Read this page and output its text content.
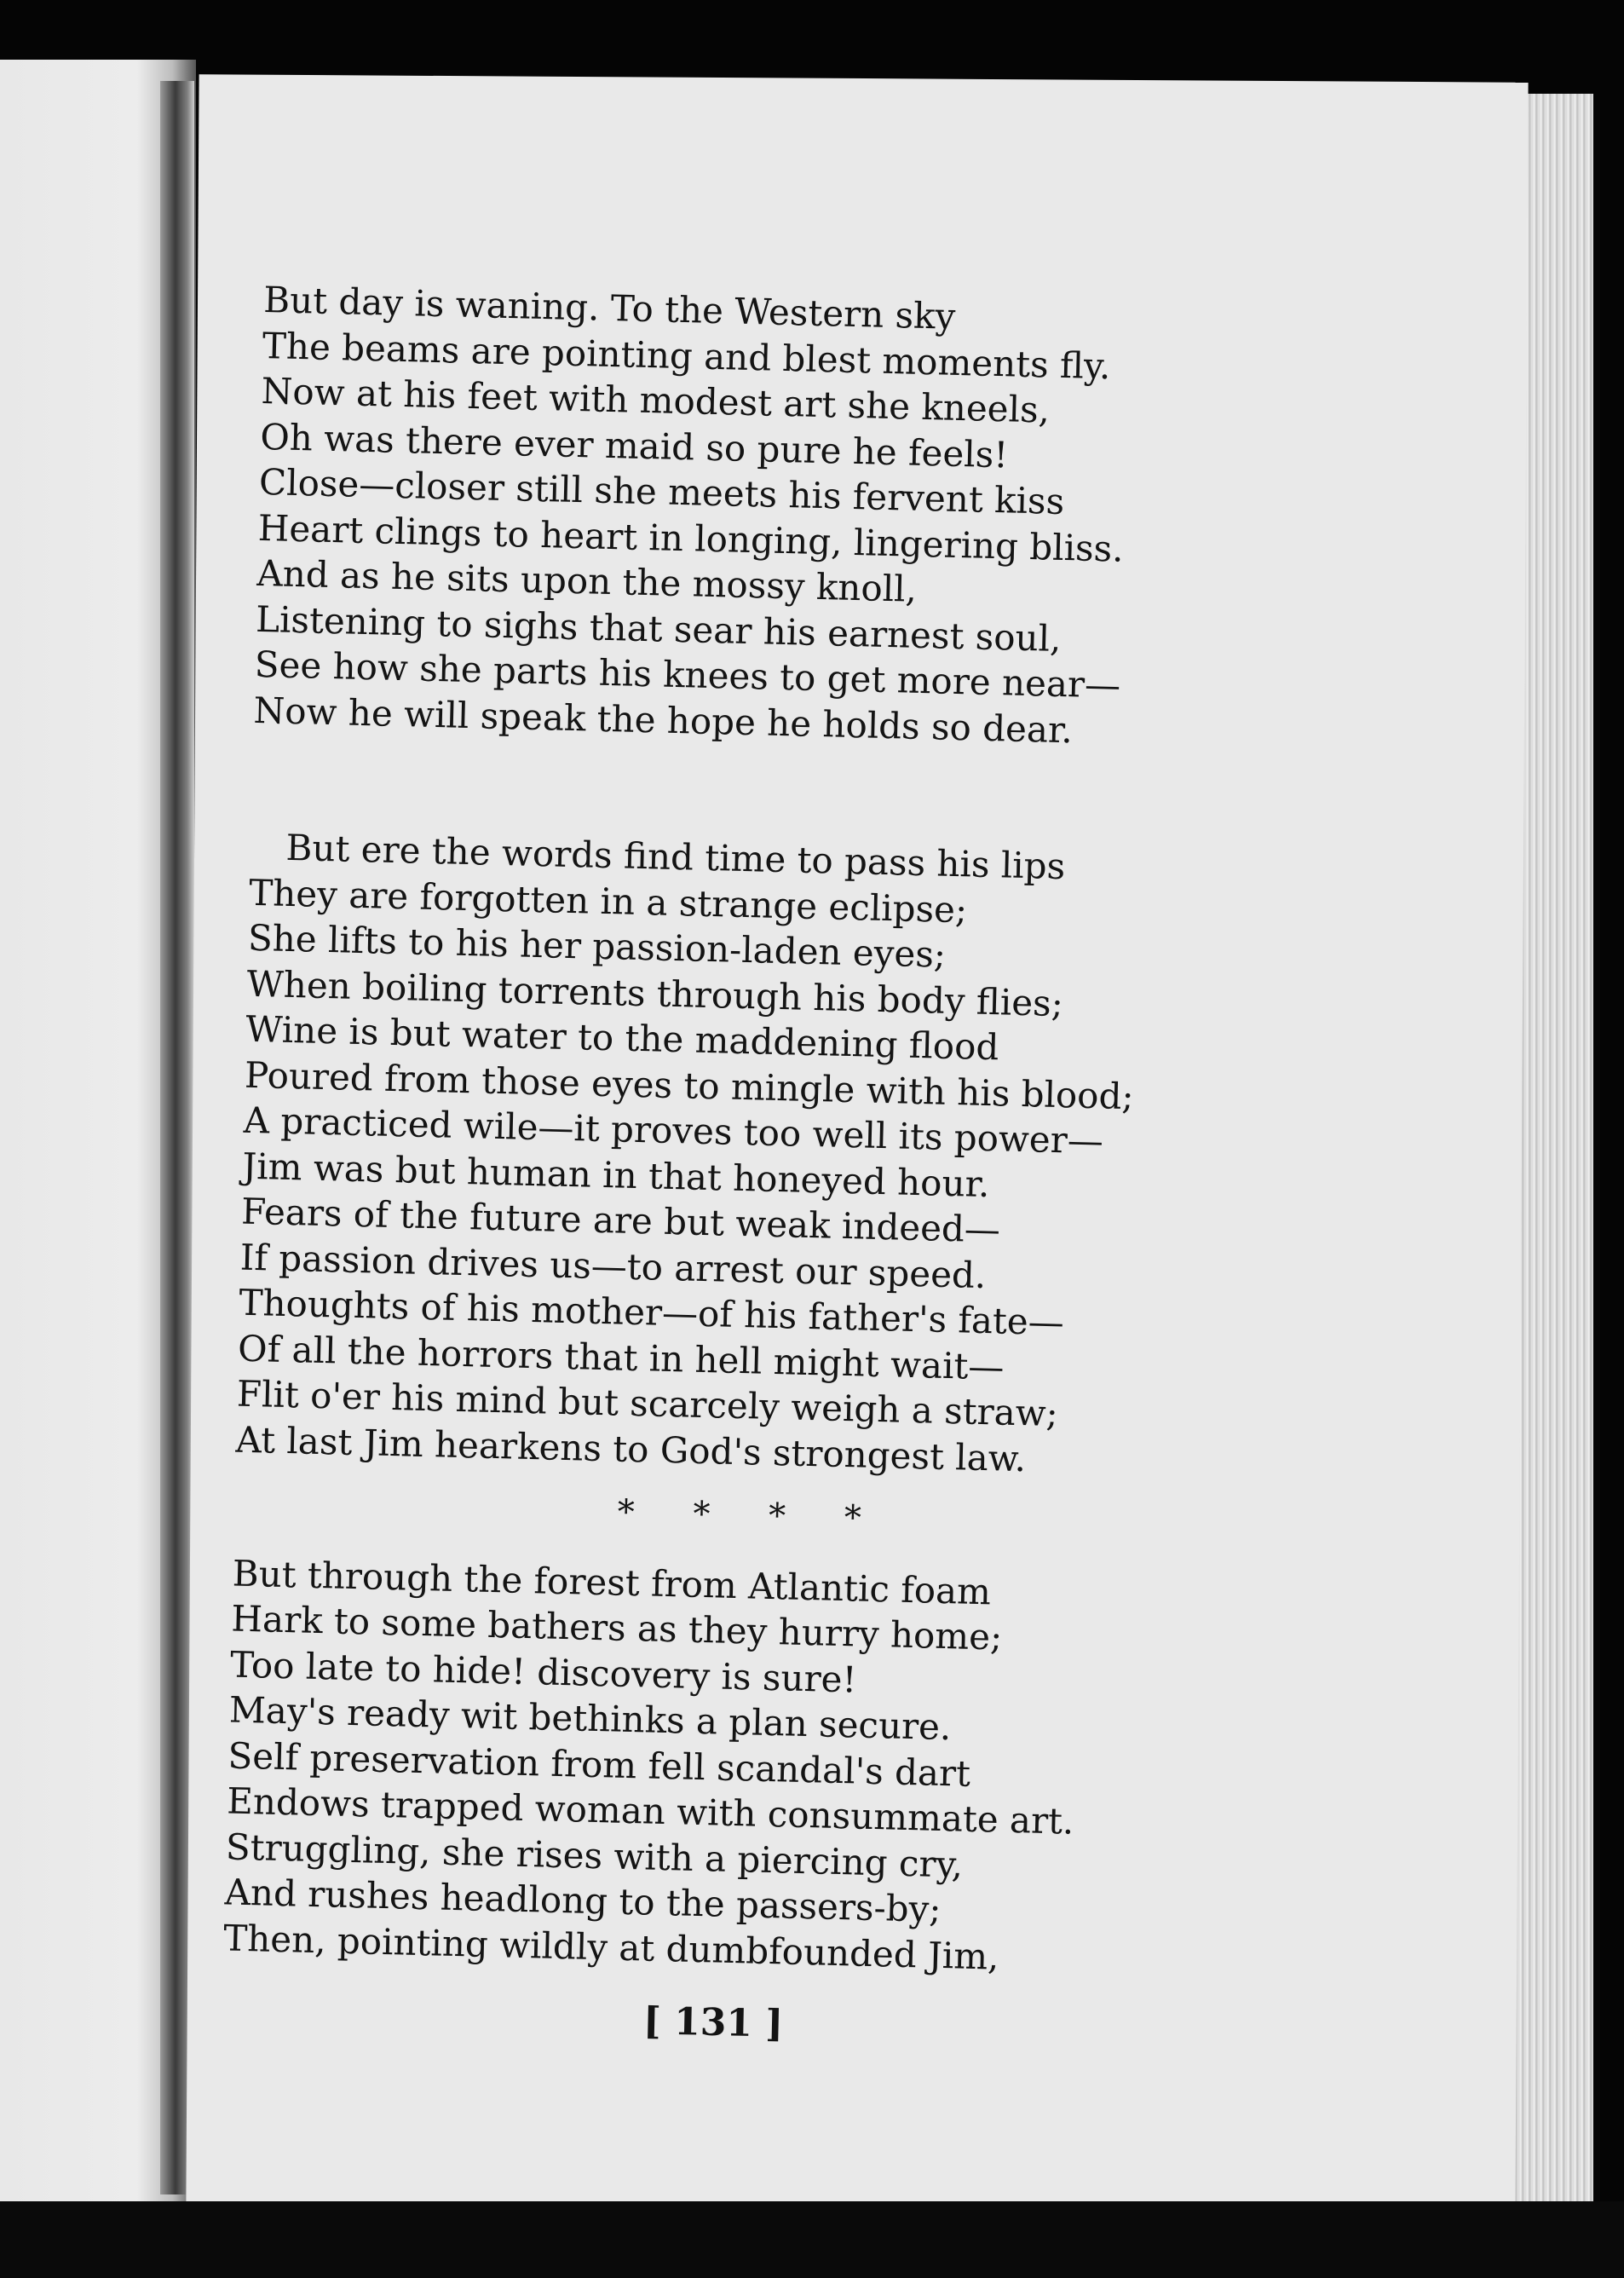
But day is waning. To the Western sky
The beams are pointing and blest moments fly.
Now at his feet with modest art she kneels,
Oh was there ever maid so pure he feels!
Close—closer still she meets his fervent kiss
Heart clings to heart in longing, lingering bliss.
And as he sits upon the mossy knoll,
Listening to sighs that sear his earnest soul,
See how she parts his knees to get more near—
Now he will speak the hope he holds so dear.
But ere the words find time to pass his lips
They are forgotten in a strange eclipse;
She lifts to his her passion-laden eyes;
When boiling torrents through his body flies;
Wine is but water to the maddening flood
Poured from those eyes to mingle with his blood;
A practiced wile—it proves too well its power—
Jim was but human in that honeyed hour.
Fears of the future are but weak indeed—
If passion drives us—to arrest our speed.
Thoughts of his mother—of his father's fate—
Of all the horrors that in hell might wait—
Flit o'er his mind but scarcely weigh a straw;
At last Jim hearkens to God's strongest law.
* * * *
But through the forest from Atlantic foam
Hark to some bathers as they hurry home;
Too late to hide! discovery is sure!
May's ready wit bethinks a plan secure.
Self preservation from fell scandal's dart
Endows trapped woman with consummate art.
Struggling, she rises with a piercing cry,
And rushes headlong to the passers-by;
Then, pointing wildly at dumbfounded Jim,
[ 131 ]
